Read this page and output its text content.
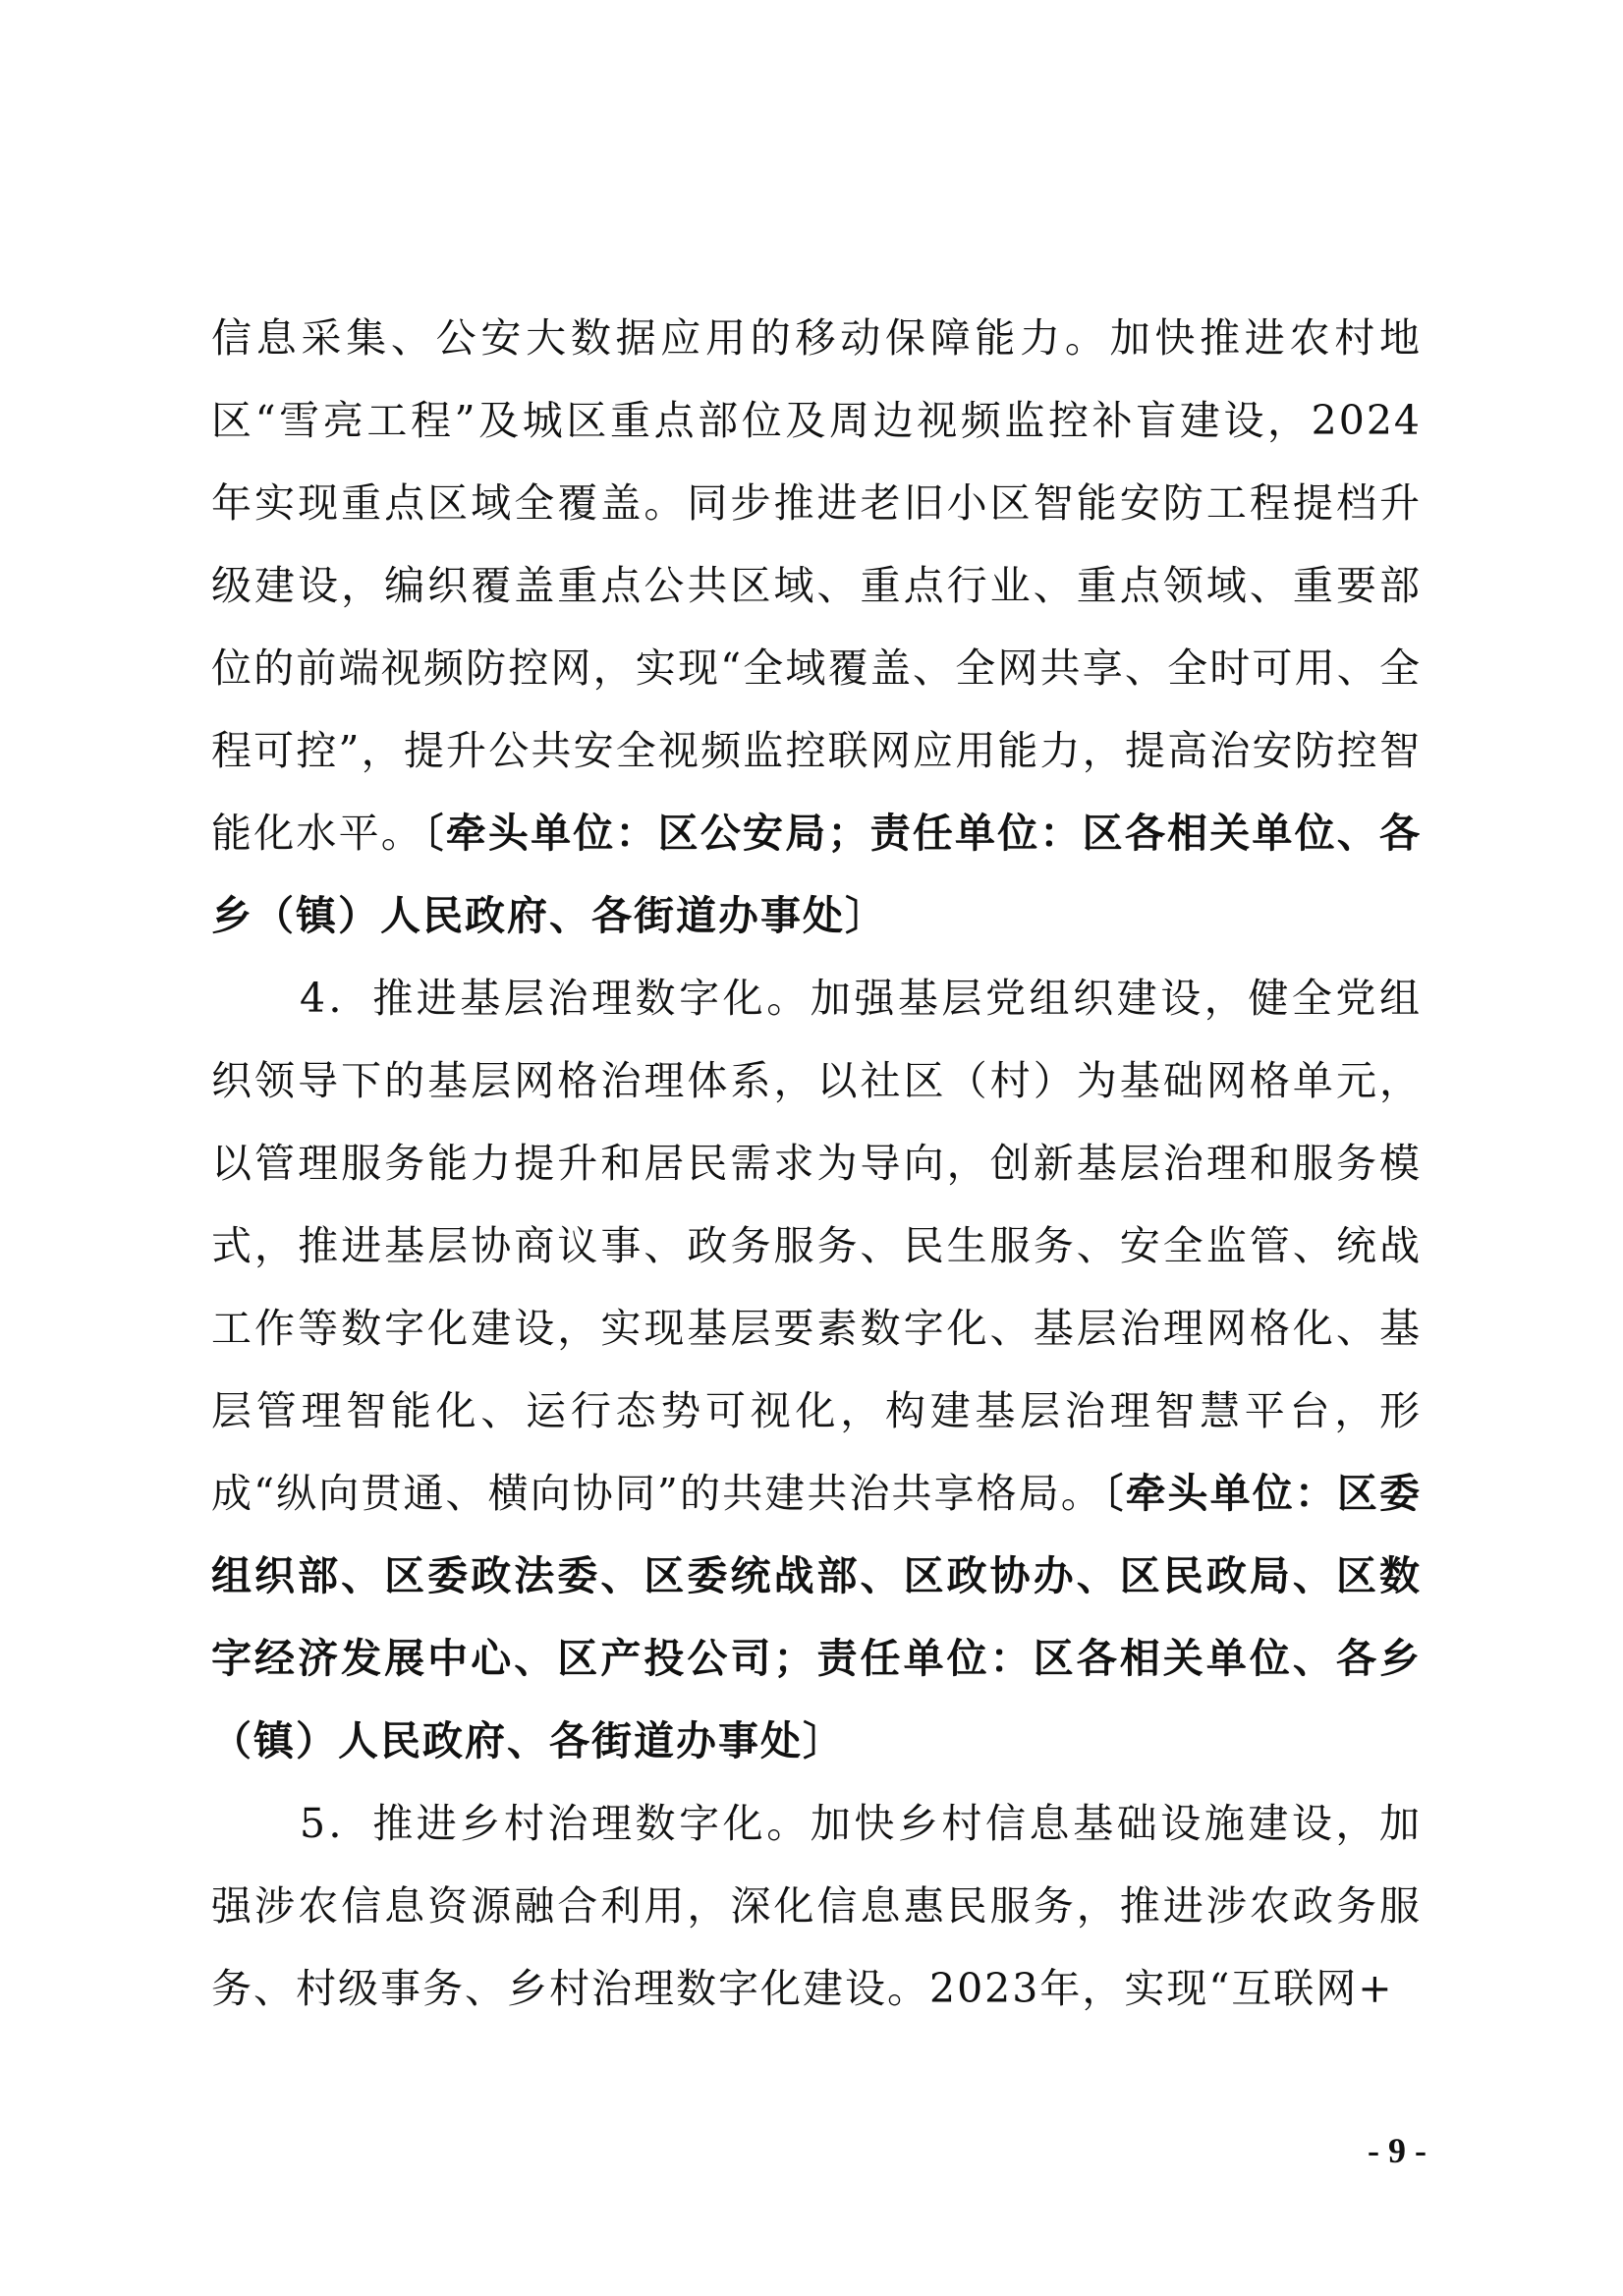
信息采集、公安大数据应用的移动保障能力。加快推进农村地区“雪亮工程”及城区重点部位及周边视频监控补盲建设，2024年实现重点区域全覆盖。同步推进老旧小区智能安防工程提档升级建设，编织覆盖重点公共区域、重点行业、重点领域、重要部位的前端视频防控网，实现“全域覆盖、全网共享、全时可用、全程可控”，提升公共安全视频监控联网应用能力，提高治安防控智能化水平。〔牵头单位：区公安局；责任单位：区各相关单位、各乡（镇）人民政府、各街道办事处〕

4．推进基层治理数字化。加强基层党组织建设，健全党组织领导下的基层网格治理体系，以社区（村）为基础网格单元，以管理服务能力提升和居民需求为导向，创新基层治理和服务模式，推进基层协商议事、政务服务、民生服务、安全监管、统战工作等数字化建设，实现基层要素数字化、基层治理网格化、基层管理智能化、运行态势可视化，构建基层治理智慧平台，形成“纵向贯通、横向协同”的共建共治共享格局。〔牵头单位：区委组织部、区委政法委、区委统战部、区政协办、区民政局、区数字经济发展中心、区产投公司；责任单位：区各相关单位、各乡（镇）人民政府、各街道办事处〕

5．推进乡村治理数字化。加快乡村信息基础设施建设，加强涉农信息资源融合利用，深化信息惠民服务，推进涉农政务服务、村级事务、乡村治理数字化建设。2023年，实现“互联网+

- 9 -
